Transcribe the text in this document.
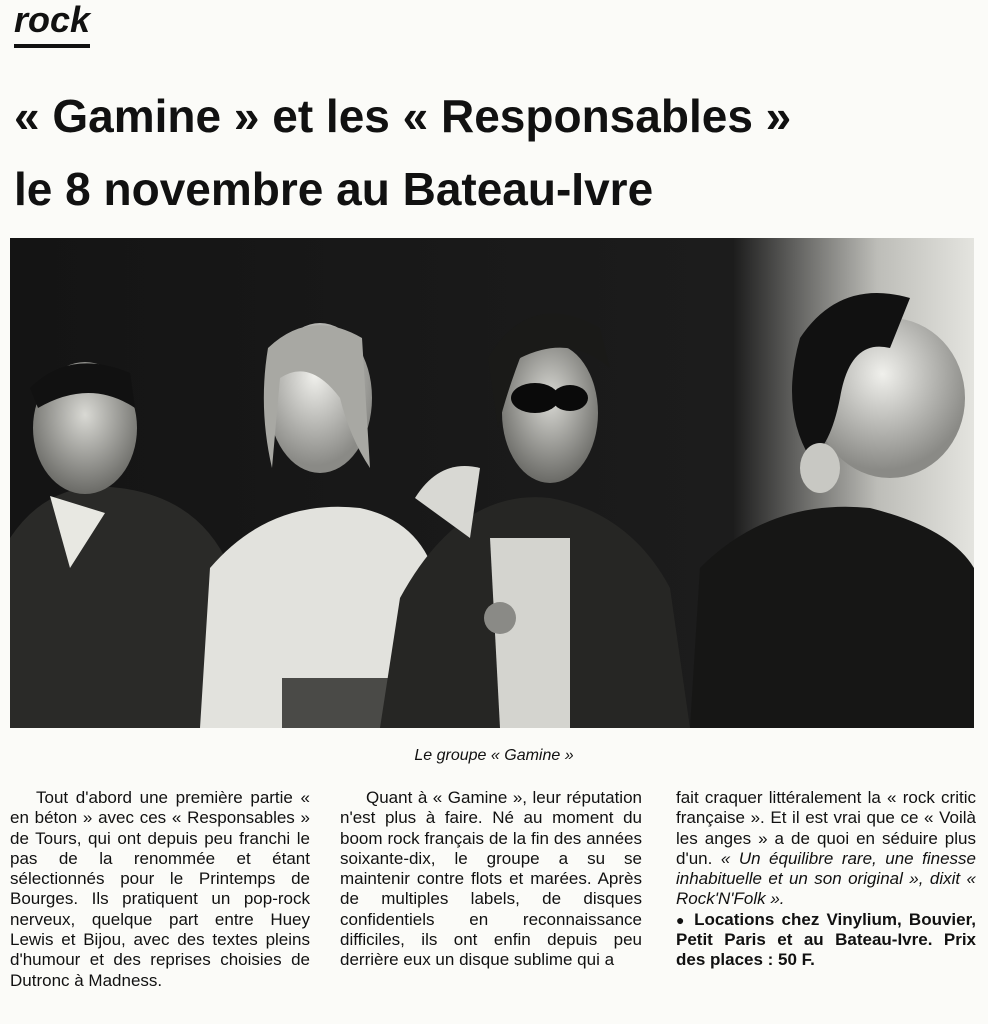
rock
« Gamine » et les « Responsables »
le 8 novembre au Bateau-Ivre
Le groupe « Gamine »

Tout d'abord une première partie « en béton » avec ces « Responsables » de Tours, qui ont depuis peu franchi le pas de la renommée et étant sélectionnés pour le Printemps de Bourges. Ils pratiquent un pop-rock nerveux, quelque part entre Huey Lewis et Bijou, avec des textes pleins d'humour et des reprises choisies de Dutronc à Madness.

Quant à « Gamine », leur réputation n'est plus à faire. Né au moment du boom rock français de la fin des années soixante-dix, le groupe a su se maintenir contre flots et marées. Après de multiples labels, de disques confidentiels en reconnaissance difficiles, ils ont enfin depuis peu derrière eux un disque sublime qui a

fait craquer littéralement la « rock critic française ». Et il est vrai que ce « Voilà les anges » a de quoi en séduire plus d'un. « Un équilibre rare, une finesse inhabituelle et un son original », dixit « Rock'N'Folk ».

● Locations chez Vinylium, Bouvier, Petit Paris et au Bateau-Ivre. Prix des places : 50 F.
